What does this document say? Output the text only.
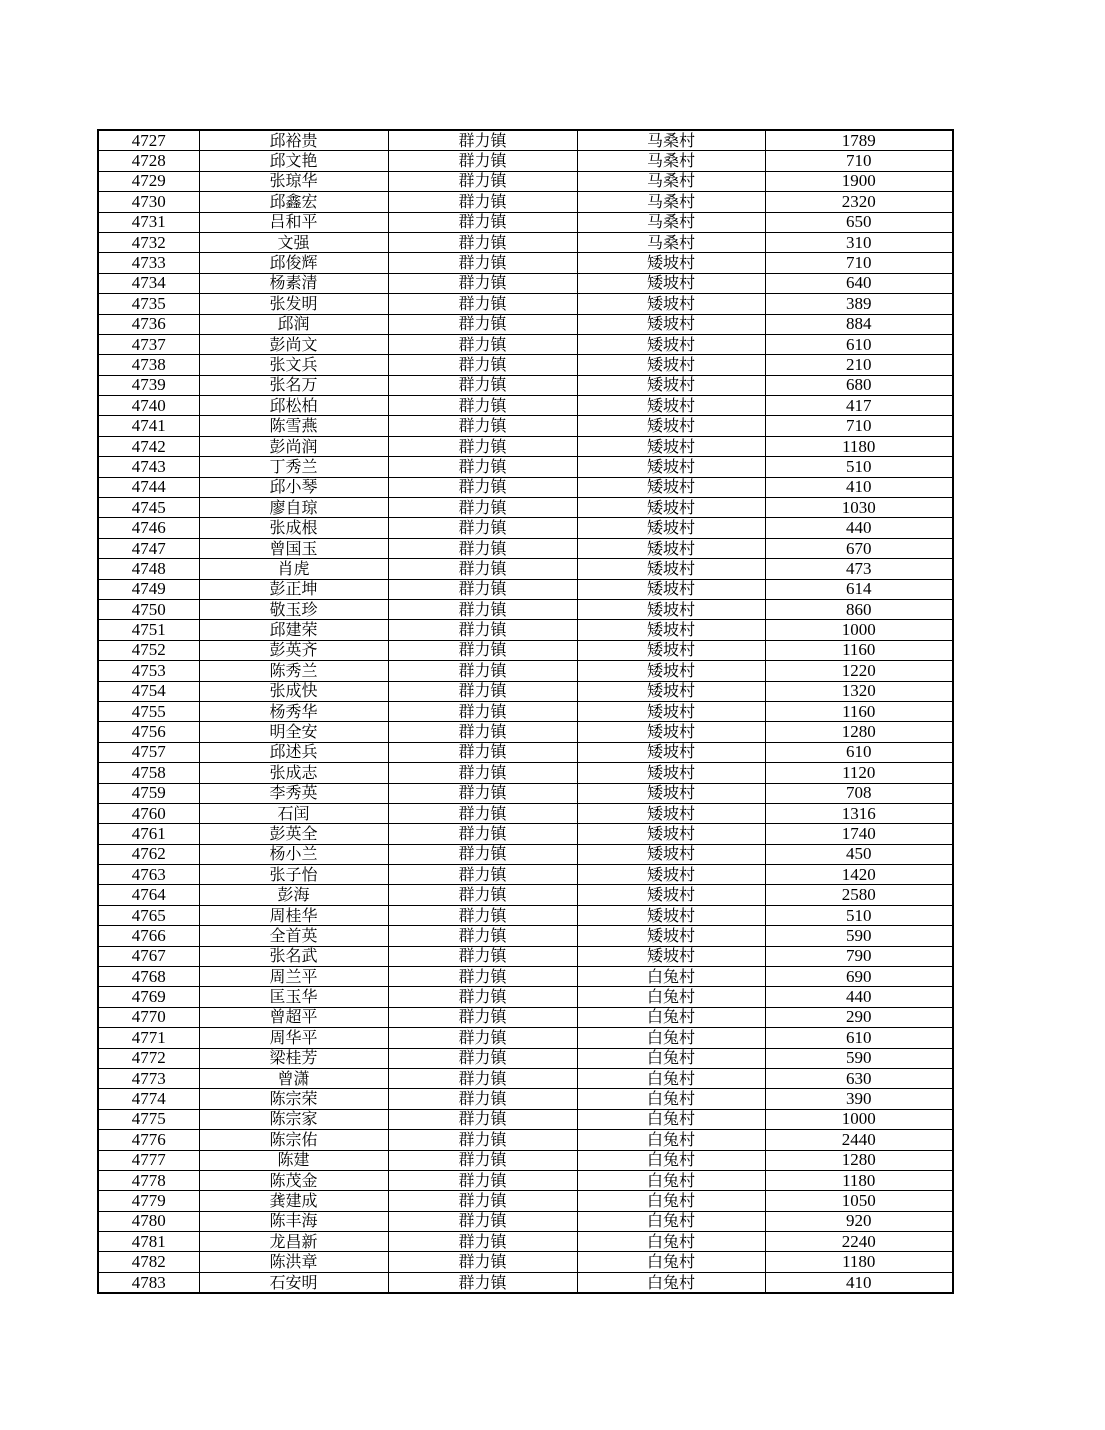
4727	邱裕贵	群力镇	马桑村	1789
4728	邱文艳	群力镇	马桑村	710
4729	张琼华	群力镇	马桑村	1900
4730	邱鑫宏	群力镇	马桑村	2320
4731	吕和平	群力镇	马桑村	650
4732	文强	群力镇	马桑村	310
4733	邱俊辉	群力镇	矮坡村	710
4734	杨素清	群力镇	矮坡村	640
4735	张发明	群力镇	矮坡村	389
4736	邱润	群力镇	矮坡村	884
4737	彭尚文	群力镇	矮坡村	610
4738	张文兵	群力镇	矮坡村	210
4739	张名万	群力镇	矮坡村	680
4740	邱松柏	群力镇	矮坡村	417
4741	陈雪燕	群力镇	矮坡村	710
4742	彭尚润	群力镇	矮坡村	1180
4743	丁秀兰	群力镇	矮坡村	510
4744	邱小琴	群力镇	矮坡村	410
4745	廖自琼	群力镇	矮坡村	1030
4746	张成根	群力镇	矮坡村	440
4747	曾国玉	群力镇	矮坡村	670
4748	肖虎	群力镇	矮坡村	473
4749	彭正坤	群力镇	矮坡村	614
4750	敬玉珍	群力镇	矮坡村	860
4751	邱建荣	群力镇	矮坡村	1000
4752	彭英齐	群力镇	矮坡村	1160
4753	陈秀兰	群力镇	矮坡村	1220
4754	张成快	群力镇	矮坡村	1320
4755	杨秀华	群力镇	矮坡村	1160
4756	明全安	群力镇	矮坡村	1280
4757	邱述兵	群力镇	矮坡村	610
4758	张成志	群力镇	矮坡村	1120
4759	李秀英	群力镇	矮坡村	708
4760	石闰	群力镇	矮坡村	1316
4761	彭英全	群力镇	矮坡村	1740
4762	杨小兰	群力镇	矮坡村	450
4763	张子怡	群力镇	矮坡村	1420
4764	彭海	群力镇	矮坡村	2580
4765	周桂华	群力镇	矮坡村	510
4766	全首英	群力镇	矮坡村	590
4767	张名武	群力镇	矮坡村	790
4768	周兰平	群力镇	白兔村	690
4769	匡玉华	群力镇	白兔村	440
4770	曾超平	群力镇	白兔村	290
4771	周华平	群力镇	白兔村	610
4772	梁桂芳	群力镇	白兔村	590
4773	曾潇	群力镇	白兔村	630
4774	陈宗荣	群力镇	白兔村	390
4775	陈宗家	群力镇	白兔村	1000
4776	陈宗佑	群力镇	白兔村	2440
4777	陈建	群力镇	白兔村	1280
4778	陈茂金	群力镇	白兔村	1180
4779	龚建成	群力镇	白兔村	1050
4780	陈丰海	群力镇	白兔村	920
4781	龙昌新	群力镇	白兔村	2240
4782	陈洪章	群力镇	白兔村	1180
4783	石安明	群力镇	白兔村	410
